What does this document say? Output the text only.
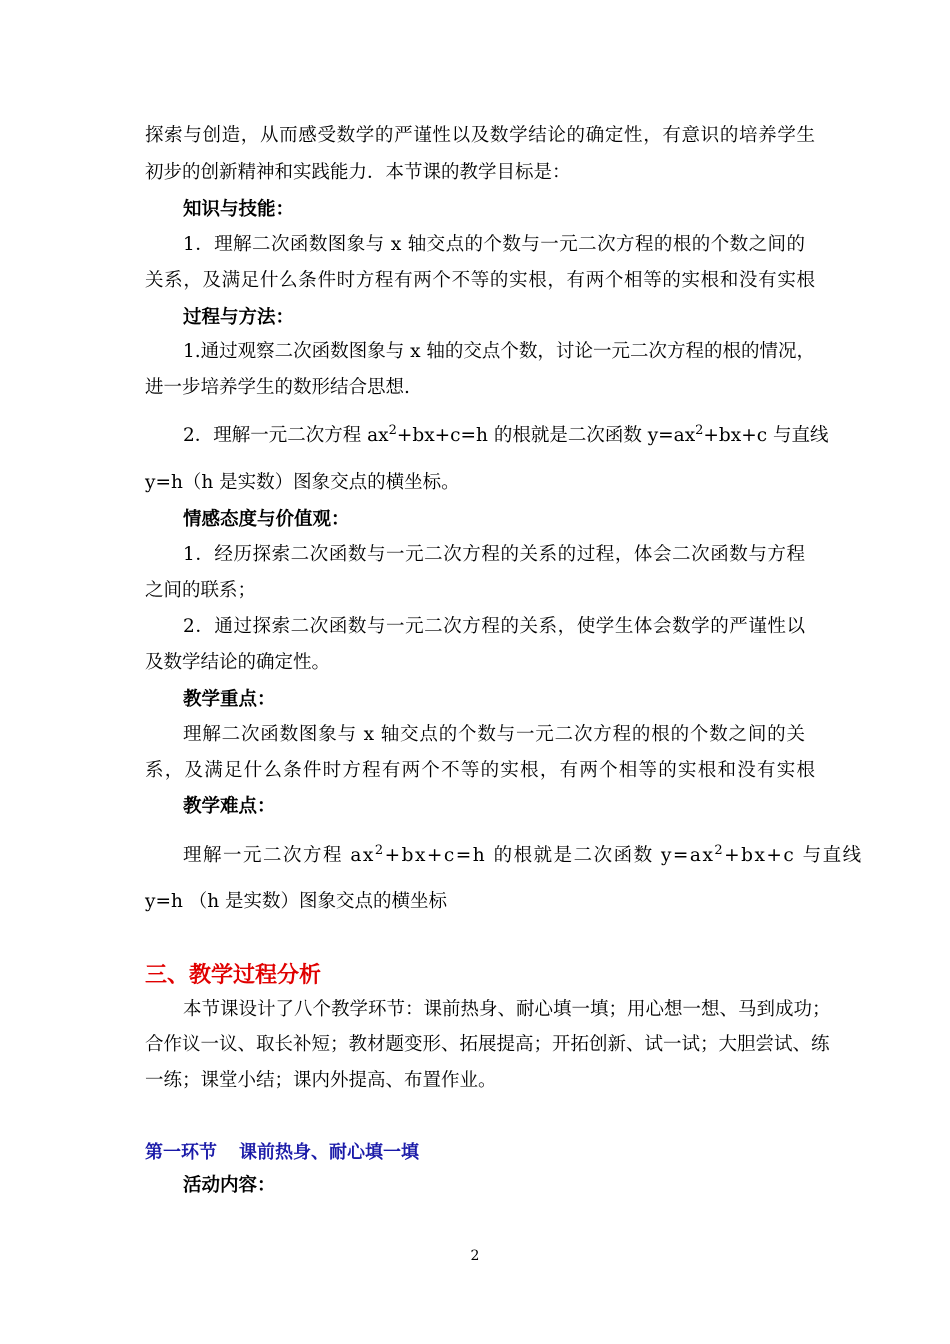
探索与创造，从而感受数学的严谨性以及数学结论的确定性，有意识的培养学生
初步的创新精神和实践能力．本节课的教学目标是：
知识与技能：
1．理解二次函数图象与 x 轴交点的个数与一元二次方程的根的个数之间的
关系，及满足什么条件时方程有两个不等的实根，有两个相等的实根和没有实根
过程与方法：
1.通过观察二次函数图象与 x 轴的交点个数，讨论一元二次方程的根的情况，
进一步培养学生的数形结合思想.
2．理解一元二次方程 $ax^2+bx+c=h$ 的根就是二次函数 $y=ax^2+bx+c$ 与直线
y=h（h 是实数）图象交点的横坐标。
情感态度与价值观：
1．经历探索二次函数与一元二次方程的关系的过程，体会二次函数与方程
之间的联系；
2．通过探索二次函数与一元二次方程的关系，使学生体会数学的严谨性以
及数学结论的确定性。
教学重点：
理解二次函数图象与 x 轴交点的个数与一元二次方程的根的个数之间的关
系，及满足什么条件时方程有两个不等的实根，有两个相等的实根和没有实根
教学难点：
理解一元二次方程 $ax^2+bx+c=h$ 的根就是二次函数 $y=ax^2+bx+c$ 与直线
y=h （h 是实数）图象交点的横坐标
三、教学过程分析
本节课设计了八个教学环节：课前热身、耐心填一填；用心想一想、马到成功；
合作议一议、取长补短；教材题变形、拓展提高；开拓创新、试一试；大胆尝试、练
一练；课堂小结；课内外提高、布置作业。
第一环节 课前热身、耐心填一填
活动内容：
2
